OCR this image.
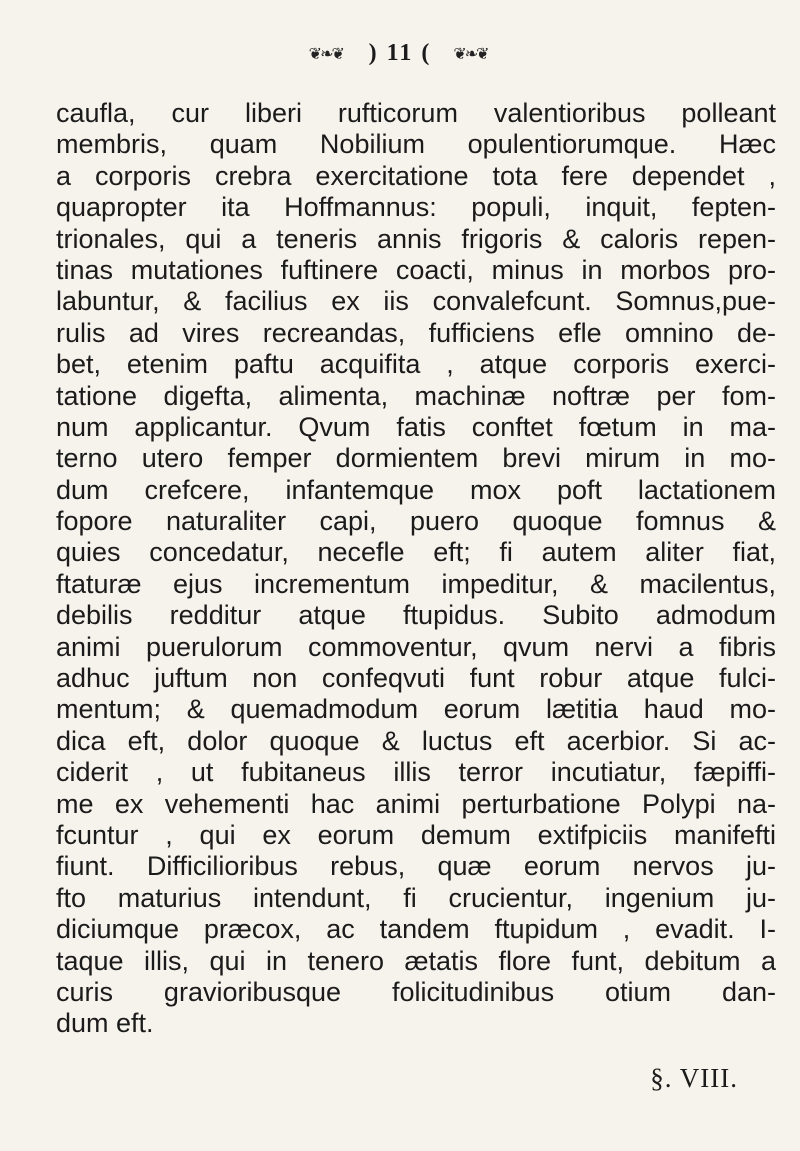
❦❧❦ ) 11 ( ❦❧❦
caufla, cur liberi rufticorum valentioribus polleant
membris, quam Nobilium opulentiorumque. Hæc
a corporis crebra exercitatione tota fere dependet ,
quapropter ita Hoffmannus: populi, inquit, fepten-
trionales, qui a teneris annis frigoris & caloris repen-
tinas mutationes fuftinere coacti, minus in morbos pro-
labuntur, & facilius ex iis convalefcunt. Somnus,pue-
rulis ad vires recreandas, fufficiens efle omnino de-
bet, etenim paftu acquifita , atque corporis exerci-
tatione digefta, alimenta, machinæ noftræ per fom-
num applicantur. Qvum fatis conftet fœtum in ma-
terno utero femper dormientem brevi mirum in mo-
dum crefcere, infantemque mox poft lactationem
fopore naturaliter capi, puero quoque fomnus &
quies concedatur, necefle eft; fi autem aliter fiat,
ftaturæ ejus incrementum impeditur, & macilentus,
debilis redditur atque ftupidus. Subito admodum
animi puerulorum commoventur, qvum nervi a fibris
adhuc juftum non confeqvuti funt robur atque fulci-
mentum; & quemadmodum eorum lætitia haud mo-
dica eft, dolor quoque & luctus eft acerbior. Si ac-
ciderit , ut fubitaneus illis terror incutiatur, fæpiffi-
me ex vehementi hac animi perturbatione Polypi na-
fcuntur , qui ex eorum demum extifpiciis manifefti
fiunt. Difficilioribus rebus, quæ eorum nervos ju-
fto maturius intendunt, fi crucientur, ingenium ju-
diciumque præcox, ac tandem ftupidum , evadit. I-
taque illis, qui in tenero ætatis flore funt, debitum a
curis gravioribusque folicitudinibus otium dan-
dum eft.
§. VIII.
